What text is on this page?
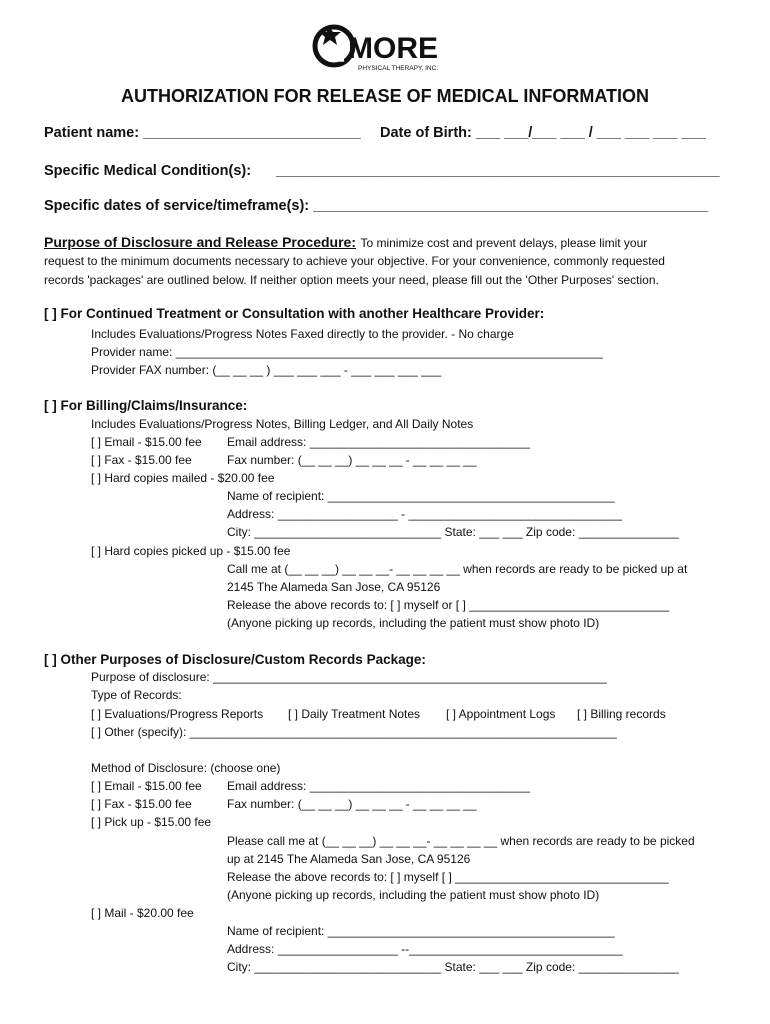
MORE
PHYSICAL THERAPY, INC.
AUTHORIZATION FOR RELEASE OF MEDICAL INFORMATION
Patient name: ___________________________ Date of Birth: ___ ___/___ ___ / ___ ___ ___ ___
Specific Medical Condition(s): _______________________________________________________
Specific dates of service/timeframe(s): _________________________________________________
Purpose of Disclosure and Release Procedure: To minimize cost and prevent delays, please limit your
request to the minimum documents necessary to achieve your objective. For your convenience, commonly requested
records 'packages' are outlined below. If neither option meets your need, please fill out the 'Other Purposes' section.
[ ] For Continued Treatment or Consultation with another Healthcare Provider:
Includes Evaluations/Progress Notes Faxed directly to the provider. - No charge
Provider name: ________________________________________________________________
Provider FAX number: (__ __ __ ) ___ ___ ___ - ___ ___ ___ ___
[ ] For Billing/Claims/Insurance:
Includes Evaluations/Progress Notes, Billing Ledger, and All Daily Notes
[ ] Email - $15.00 fee Email address: _________________________________
[ ] Fax - $15.00 fee	Fax number: (__ __ __) __ __ __ - __ __ __ __
[ ] Hard copies mailed - $20.00 fee
Name of recipient: ___________________________________________
Address: __________________ - ________________________________
City: ____________________________ State: ___ ___ Zip code: _______________
[ ] Hard copies picked up - $15.00 fee
Call me at (__ __ __) __ __ __- __ __ __ __ when records are ready to be picked up at
2145 The Alameda San Jose, CA 95126
Release the above records to: [ ] myself or [ ] ______________________________
(Anyone picking up records, including the patient must show photo ID)
[ ] Other Purposes of Disclosure/Custom Records Package:
Purpose of disclosure: ___________________________________________________________
Type of Records:
[ ] Evaluations/Progress Reports [ ] Daily Treatment Notes [ ] Appointment Logs [ ] Billing records
[ ] Other (specify): ________________________________________________________________
Method of Disclosure: (choose one)
[ ] Email - $15.00 fee Email address: _________________________________
[ ] Fax - $15.00 fee	Fax number: (__ __ __) __ __ __ - __ __ __ __
[ ] Pick up - $15.00 fee
Please call me at (__ __ __) __ __ __- __ __ __ __ when records are ready to be picked
up at 2145 The Alameda San Jose, CA 95126
Release the above records to: [ ] myself [ ] ________________________________
(Anyone picking up records, including the patient must show photo ID)
[ ] Mail - $20.00 fee
Name of recipient: ___________________________________________
Address: __________________ --________________________________
City: ____________________________ State: ___ ___ Zip code: _______________
